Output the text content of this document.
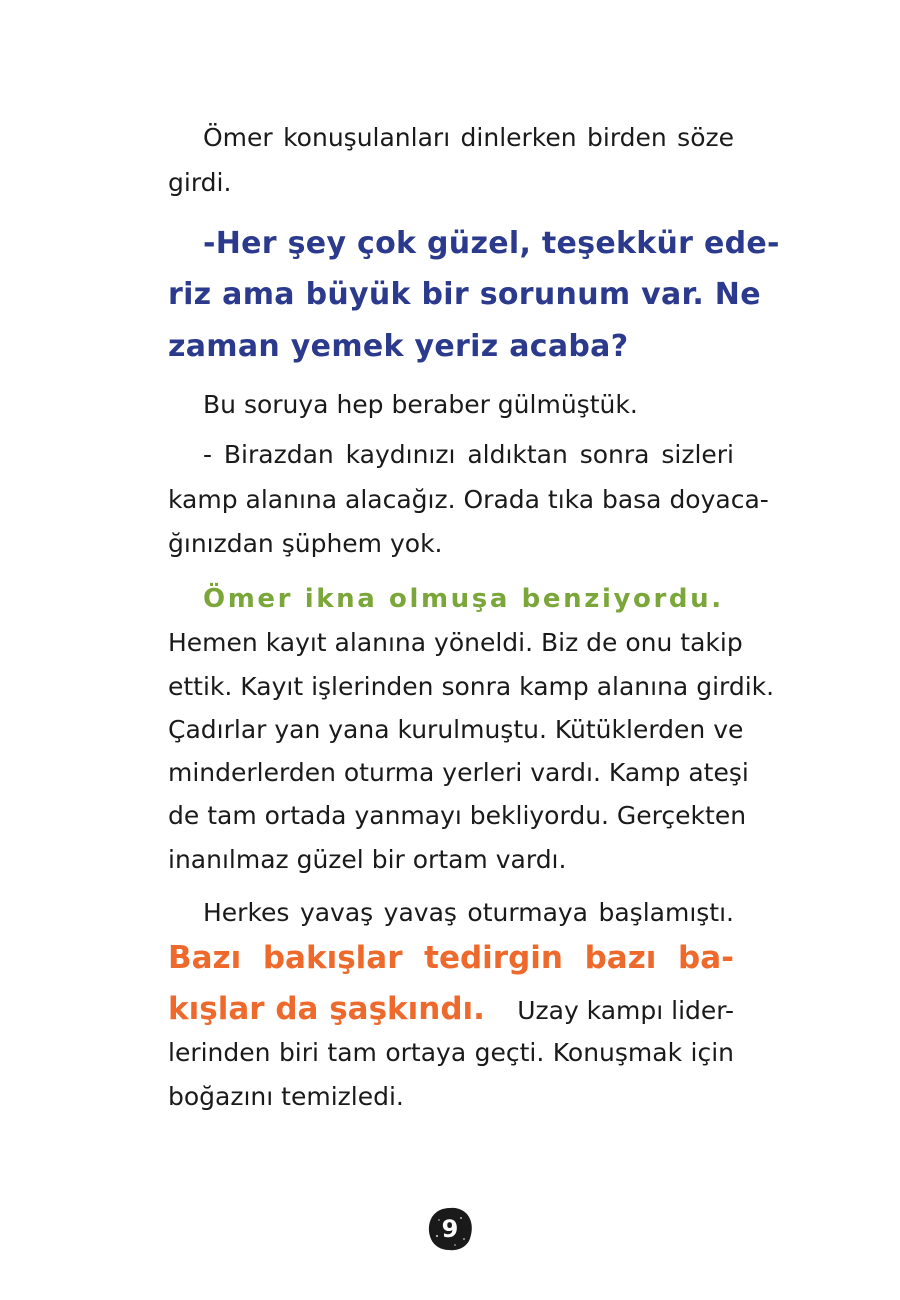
Ömer konuşulanları dinlerken birden söze

girdi.

-Her şey çok güzel, teşekkür ede-

riz ama büyük bir sorunum var. Ne

zaman yemek yeriz acaba?

Bu soruya hep beraber gülmüştük.

- Birazdan kaydınızı aldıktan sonra sizleri

kamp alanına alacağız. Orada tıka basa doyaca-

ğınızdan şüphem yok.

Ömer ikna olmuşa benziyordu.

Hemen kayıt alanına yöneldi. Biz de onu takip

ettik. Kayıt işlerinden sonra kamp alanına girdik.

Çadırlar yan yana kurulmuştu. Kütüklerden ve

minderlerden oturma yerleri vardı. Kamp ateşi

de tam ortada yanmayı bekliyordu. Gerçekten

inanılmaz güzel bir ortam vardı.

Herkes yavaş yavaş oturmaya başlamıştı.

Bazı bakışlar tedirgin bazı ba-

kışlar da şaşkındı. Uzay kampı lider-

lerinden biri tam ortaya geçti. Konuşmak için

boğazını temizledi.

9
